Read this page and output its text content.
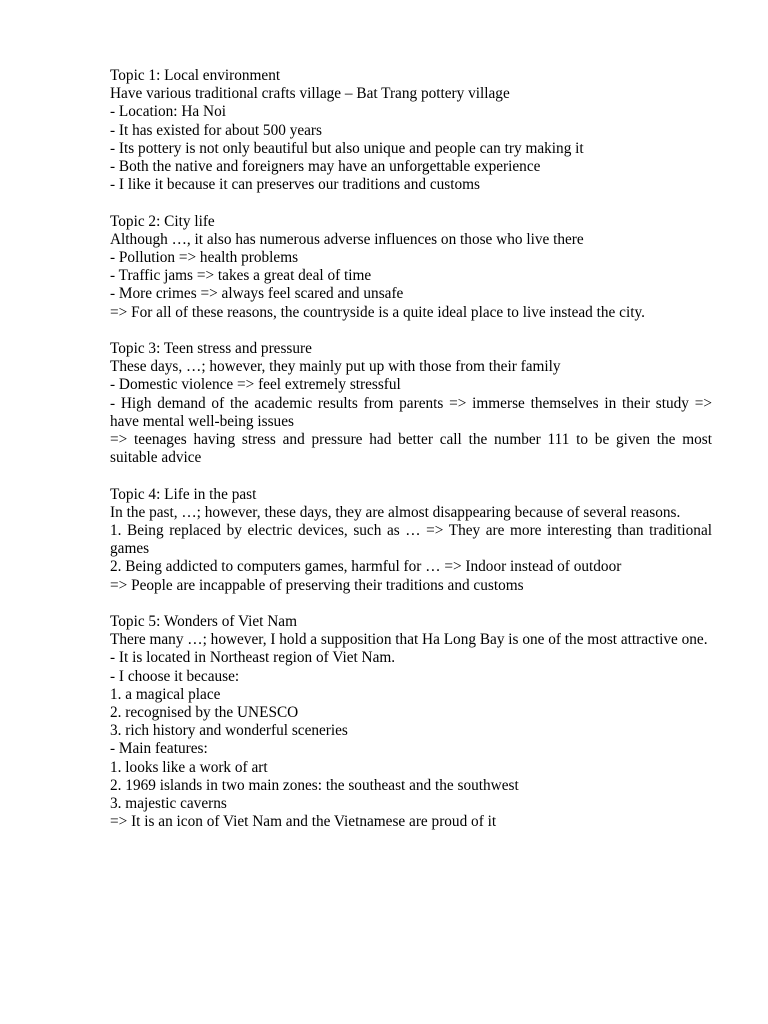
Topic 1: Local environment
Have various traditional crafts village – Bat Trang pottery village
- Location: Ha Noi
- It has existed for about 500 years
- Its pottery is not only beautiful but also unique and people can try making it
- Both the native and foreigners may have an unforgettable experience
- I like it because it can preserves our traditions and customs
Topic 2: City life
Although …, it also has numerous adverse influences on those who live there
- Pollution => health problems
- Traffic jams => takes a great deal of time
- More crimes => always feel scared and unsafe
=> For all of these reasons, the countryside is a quite ideal place to live instead the city.
Topic 3: Teen stress and pressure
These days, …; however, they mainly put up with those from their family
- Domestic violence => feel extremely stressful
- High demand of the academic results from parents => immerse themselves in their study => have mental well-being issues
=> teenages having stress and pressure had better call the number 111 to be given the most suitable advice
Topic 4: Life in the past
In the past, …; however, these days, they are almost disappearing because of several reasons.
1. Being replaced by electric devices, such as … => They are more interesting than traditional games
2. Being addicted to computers games, harmful for … => Indoor instead of outdoor
=> People are incappable of preserving their traditions and customs
Topic 5: Wonders of Viet Nam
There many …; however, I hold a supposition that Ha Long Bay is one of the most attractive one.
- It is located in Northeast region of Viet Nam.
- I choose it because:
1. a magical place
2. recognised by the UNESCO
3. rich history and wonderful sceneries
- Main features:
1. looks like a work of art
2. 1969 islands in two main zones: the southeast and the southwest
3. majestic caverns
=> It is an icon of Viet Nam and the Vietnamese are proud of it
